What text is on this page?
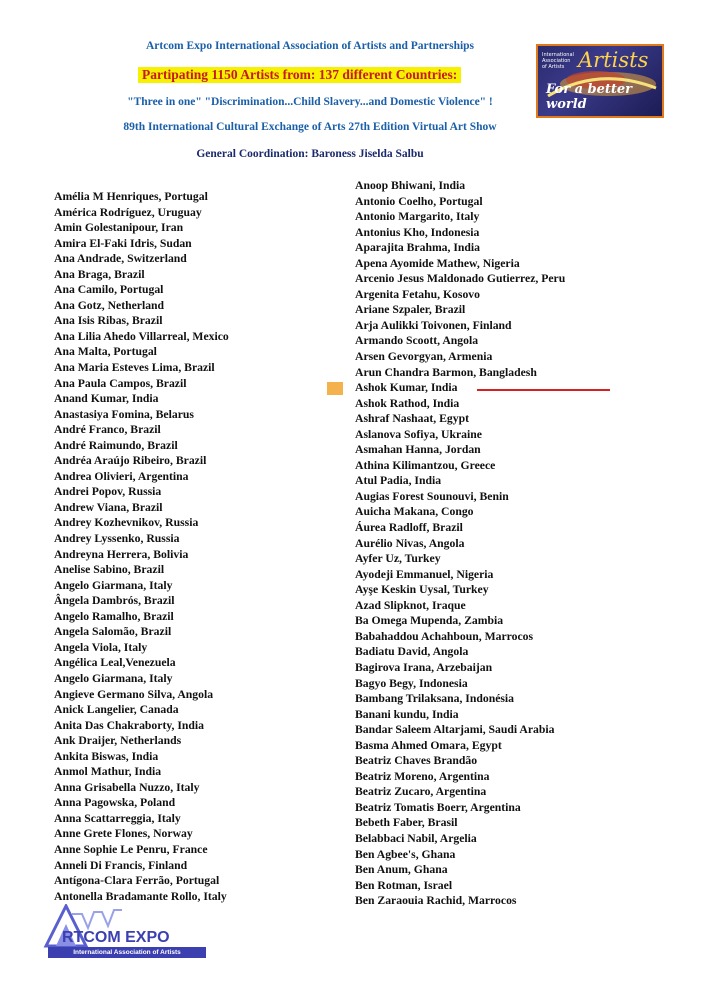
Artcom Expo International Association of Artists and Partnerships
Partipating 1150 Artists from: 137 different Countries:
"Three in one" "Discrimination...Child Slavery...and Domestic Violence" !
89th International Cultural Exchange of Arts 27th Edition Virtual Art Show
General Coordination: Baroness Jiselda Salbu
International Association of Artists Artists
For a better world
Amélia M Henriques, Portugal
América Rodríguez, Uruguay
Amin Golestanipour, Iran
Amira El-Faki Idris, Sudan
Ana Andrade, Switzerland
Ana Braga, Brazil
Ana Camilo, Portugal
Ana Gotz, Netherland
Ana Isis Ribas, Brazil
Ana Lilia Ahedo Villarreal, Mexico
Ana Malta, Portugal
Ana Maria Esteves Lima, Brazil
Ana Paula Campos, Brazil
Anand Kumar, India
Anastasiya Fomina, Belarus
André Franco, Brazil
André Raimundo, Brazil
Andréa Araújo Ribeiro, Brazil
Andrea Olivieri, Argentina
Andrei Popov, Russia
Andrew Viana, Brazil
Andrey Kozhevnikov, Russia
Andrey Lyssenko, Russia
Andreyna Herrera, Bolivia
Anelise Sabino, Brazil
Angelo Giarmana, Italy
Ângela Dambrós, Brazil
Angelo Ramalho, Brazil
Angela Salomão, Brazil
Angela Viola, Italy
Angélica Leal,Venezuela
Angelo Giarmana, Italy
Angieve Germano Silva, Angola
Anick Langelier, Canada
Anita Das Chakraborty, India
Ank Draijer, Netherlands
Ankita Biswas, India
Anmol Mathur, India
Anna Grisabella Nuzzo, Italy
Anna Pagowska, Poland
Anna Scattarreggia, Italy
Anne Grete Flones, Norway
Anne Sophie Le Penru, France
Anneli Di Francis, Finland
Antígona-Clara Ferrão, Portugal
Antonella Bradamante Rollo, Italy
Anoop Bhiwani, India
Antonio Coelho, Portugal
Antonio Margarito, Italy
Antonius Kho, Indonesia
Aparajita Brahma, India
Apena Ayomide Mathew, Nigeria
Arcenio Jesus Maldonado Gutierrez, Peru
Argenita Fetahu, Kosovo
Ariane Szpaler, Brazil
Arja Aulikki Toivonen, Finland
Armando Scoott, Angola
Arsen Gevorgyan, Armenia
Arun Chandra Barmon, Bangladesh
Ashok Kumar, India
Ashok Rathod, India
Ashraf Nashaat, Egypt
Aslanova Sofiya, Ukraine
Asmahan Hanna, Jordan
Athina Kilimantzou, Greece
Atul Padia, India
Augias Forest Sounouvi, Benin
Auicha Makana, Congo
Áurea Radloff, Brazil
Aurélio Nivas, Angola
Ayfer Uz, Turkey
Ayodeji Emmanuel, Nigeria
Ayşe Keskin Uysal, Turkey
Azad Slipknot, Iraque
Ba Omega Mupenda, Zambia
Babahaddou Achahboun, Marrocos
Badiatu David, Angola
Bagirova Irana, Arzebaijan
Bagyo Begy, Indonesia
Bambang Trilaksana, Indonésia
Banani kundu, India
Bandar Saleem Altarjami, Saudi Arabia
Basma Ahmed Omara, Egypt
Beatriz Chaves Brandão
Beatriz Moreno, Argentina
Beatriz Zucaro, Argentina
Beatriz Tomatis Boerr, Argentina
Bebeth Faber, Brasil
Belabbaci Nabil, Argelia
Ben Agbee's, Ghana
Ben Anum, Ghana
Ben Rotman, Israel
Ben Zaraouia Rachid, Marrocos
RTCOM EXPO
International Association of Artists
